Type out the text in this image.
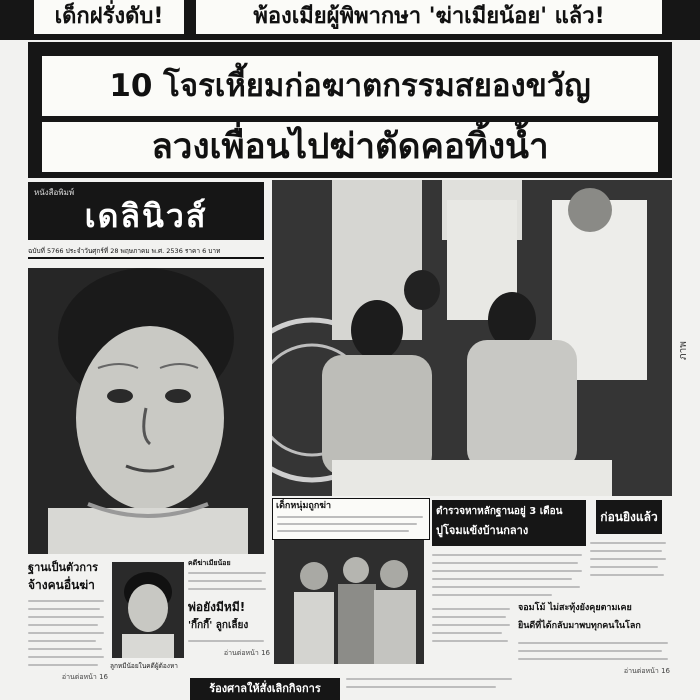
เด็กฝรั่งดับ!	พ้องเมียผู้พิพากษา 'ฆ่าเมียน้อย' แล้ว!
10 โจรเหี้ยมก่อฆาตกรรมสยองขวัญ
ลวงเพื่อนไปฆ่าตัดคอทิ้งน้ำ
หนังสือพิมพ์
เดลินิวส์
ฉบับที่ 5766 ประจำวันศุกร์ที่ 28 พฤษภาคม พ.ศ. 2536 ราคา 6 บาท
ภาพ
เด็กหนุ่มถูกฆ่า	ตำรวจหาหลักฐานอยู่ 3 เดือน
ปูโจมแข้งบ้านกลาง
ก่อนยิงแล้ว
จอมโม้ ไม่สะทุ้งยังคุยตามเคย
ยินดีที่ได้กลับมาพบทุกคนในโลก
อ่านต่อหน้า 16
ฐานเป็นตัวการ
จ้างคนอื่นฆ่า
อ่านต่อหน้า 16
ลูกหมีน้อยในคดีผู้ต้องหา
คดีฆ่าเมียน้อย
พ่อยังมีหมี!
'กี๊กกี๊' ลูกเลี้ยง
อ่านต่อหน้า 16
ร้องศาลให้สั่งเลิกกิจการ
